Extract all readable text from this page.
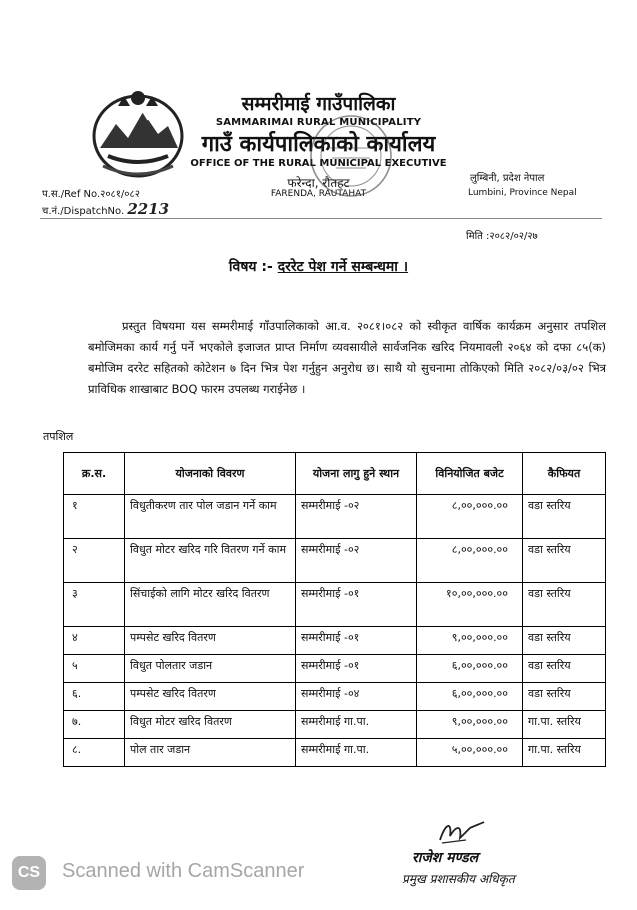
सम्मरीमाई गाउँपालिका
SAMMARIMAI RURAL MUNICIPALITY
गाउँ कार्यपालिकाको कार्यालय
OFFICE OF THE RURAL MUNICIPAL EXECUTIVE
फरेन्दा, रौतहट
FARENDA, RAUTAHAT
लुम्बिनी, प्रदेश नेपाल
Lumbini, Province Nepal
प.स./Ref No.२०८१/०८२
च.नं./DispatchNo. 2213
मिति :२०८२/०२/२७
विषय :- दररेट पेश गर्ने सम्बन्धमा ।
प्रस्तुत विषयमा यस सम्मरीमाई गाँउपालिकाको आ.व. २०८१।०८२ को स्वीकृत वार्षिक कार्यक्रम अनुसार तपशिल बमोजिमका कार्य गर्नु पर्ने भएकोले इजाजत प्राप्त निर्माण व्यवसायीले सार्वजनिक खरिद नियमावली २०६४ को दफा ८५(क) बमोजिम दररेट सहितको कोटेशन ७ दिन भित्र पेश गर्नुहुन अनुरोध छ। साथै यो सुचनामा तोकिएको मिति २०८२/०३/०२ भित्र प्राविधिक शाखाबाट BOQ फारम उपलब्ध गराईनेछ ।
तपशिल
क्र.स.	योजनाको विवरण	योजना लागु हुने स्थान	विनियोजित बजेट	कैफियत
१	विधुतीकरण तार पोल जडान गर्ने काम	सम्मरीमाई -०२	८,००,०००.००	वडा स्तरिय
२	विधुत मोटर खरिद गरि वितरण गर्ने काम	सम्मरीमाई -०२	८,००,०००.००	वडा स्तरिय
३	सिंचाईको लागि मोटर खरिद वितरण	सम्मरीमाई -०१	१०,००,०००.००	वडा स्तरिय
४	पम्पसेट खरिद वितरण	सम्मरीमाई -०१	९,००,०००.००	वडा स्तरिय
५	विधुत पोलतार जडान	सम्मरीमाई -०१	६,००,०००.००	वडा स्तरिय
६.	पम्पसेट खरिद वितरण	सम्मरीमाई -०४	६,००,०००.००	वडा स्तरिय
७.	विधुत मोटर खरिद वितरण	सम्मरीमाई गा.पा.	९,००,०००.००	गा.पा. स्तरिय
८.	पोल तार जडान	सम्मरीमाई गा.पा.	५,००,०००.००	गा.पा. स्तरिय
राजेश मण्डल
प्रमुख प्रशासकीय अधिकृत
CS Scanned with CamScanner
